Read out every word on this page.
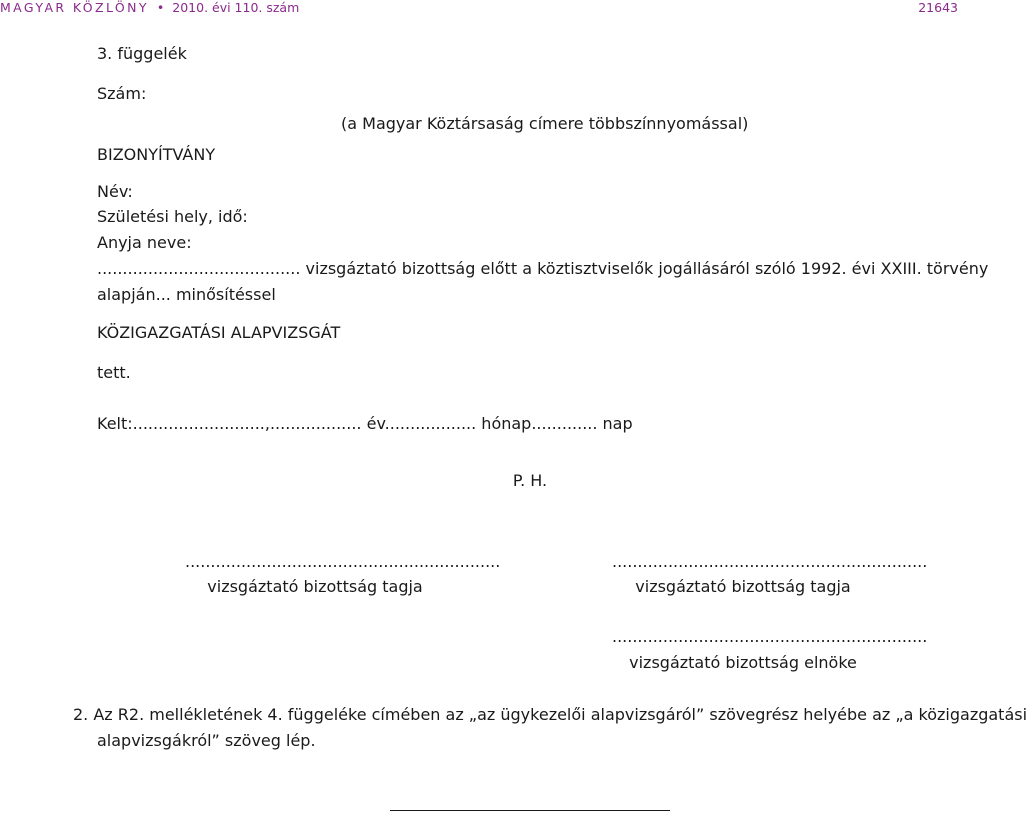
MAGYAR KÖZLÖNY • 2010. évi 110. szám	21643
3. függelék
Szám:
(a Magyar Köztársaság címere többszínnyomással)
BIZONYÍTVÁNY
Név:
Születési hely, idő:
Anyja neve:
........................................ vizsgáztató bizottság előtt a köztisztviselők jogállásáról szóló 1992. évi XXIII. törvény
alapján... minősítéssel
KÖZIGAZGATÁSI ALAPVIZSGÁT
tett.
Kelt:..........................,.................. év.................. hónap............. nap
P. H.
..............................................................
vizsgáztató bizottság tagja
..............................................................
vizsgáztató bizottság tagja
..............................................................
vizsgáztató bizottság elnöke
2. Az R2. mellékletének 4. függeléke címében az „az ügykezelői alapvizsgáról” szövegrész helyébe az „a közigazgatási
alapvizsgákról” szöveg lép.
